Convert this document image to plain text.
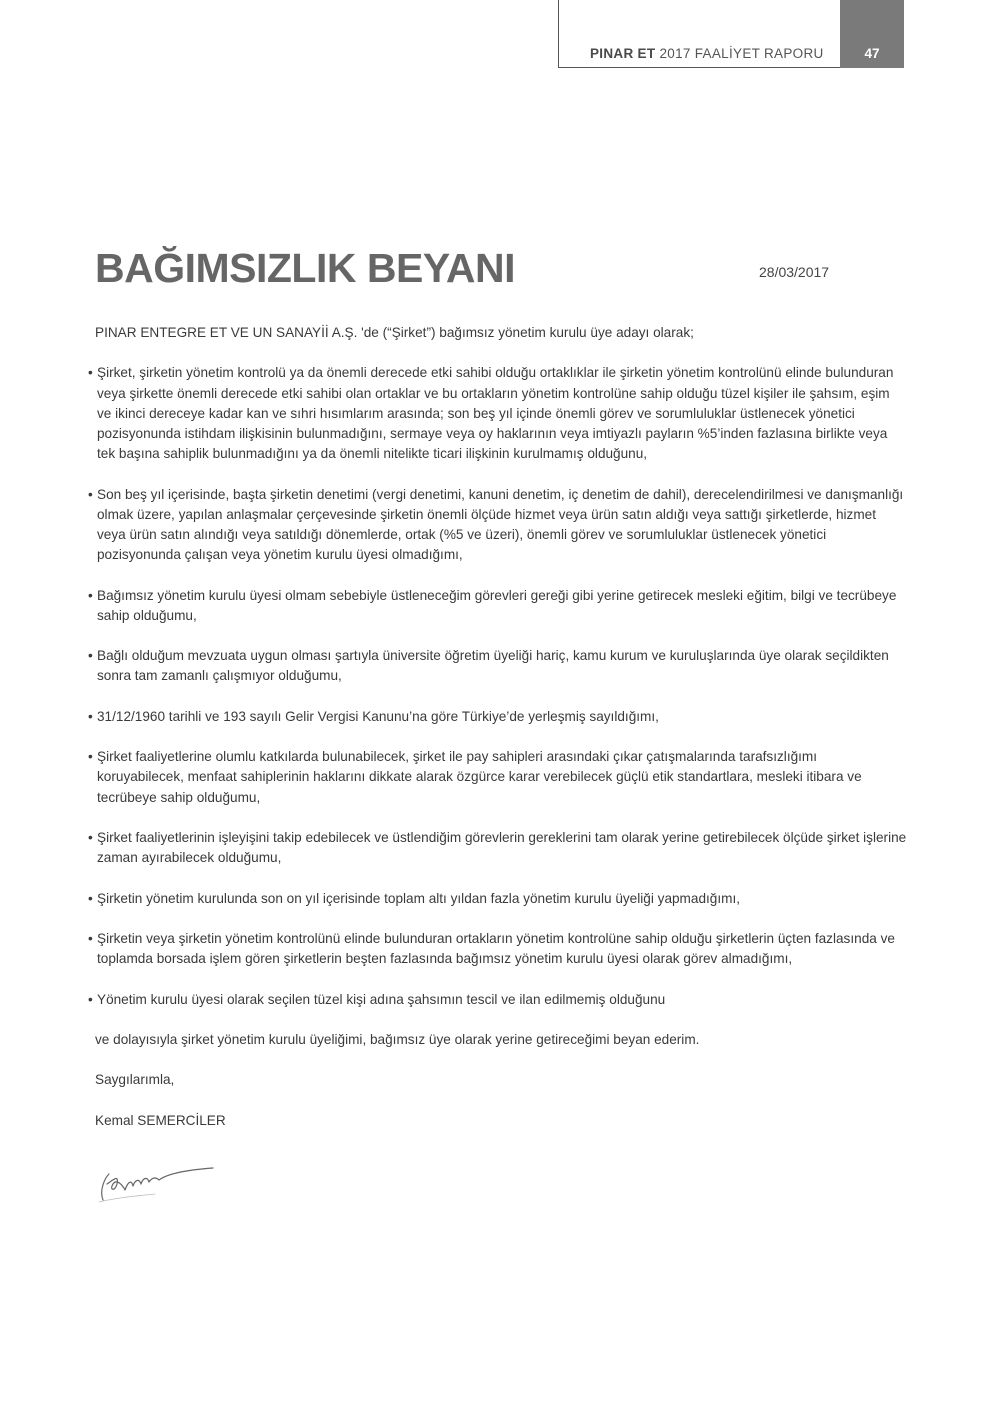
PINAR ET 2017 FAALİYET RAPORU	47
BAĞIMSIZLIK BEYANI	28/03/2017

PINAR ENTEGRE ET VE UN SANAYİİ A.Ş. 'de (“Şirket”) bağımsız yönetim kurulu üye adayı olarak;

• Şirket, şirketin yönetim kontrolü ya da önemli derecede etki sahibi olduğu ortaklıklar ile şirketin yönetim kontrolünü elinde bulunduran veya şirkette önemli derecede etki sahibi olan ortaklar ve bu ortakların yönetim kontrolüne sahip olduğu tüzel kişiler ile şahsım, eşim ve ikinci dereceye kadar kan ve sıhri hısımlarım arasında; son beş yıl içinde önemli görev ve sorumluluklar üstlenecek yönetici pozisyonunda istihdam ilişkisinin bulunmadığını, sermaye veya oy haklarının veya imtiyazlı payların %5’inden fazlasına birlikte veya tek başına sahiplik bulunmadığını ya da önemli nitelikte ticari ilişkinin kurulmamış olduğunu,

• Son beş yıl içerisinde, başta şirketin denetimi (vergi denetimi, kanuni denetim, iç denetim de dahil), derecelendirilmesi ve danışmanlığı olmak üzere, yapılan anlaşmalar çerçevesinde şirketin önemli ölçüde hizmet veya ürün satın aldığı veya sattığı şirketlerde, hizmet veya ürün satın alındığı veya satıldığı dönemlerde, ortak (%5 ve üzeri), önemli görev ve sorumluluklar üstlenecek yönetici pozisyonunda çalışan veya yönetim kurulu üyesi olmadığımı,

• Bağımsız yönetim kurulu üyesi olmam sebebiyle üstleneceğim görevleri gereği gibi yerine getirecek mesleki eğitim, bilgi ve tecrübeye sahip olduğumu,

• Bağlı olduğum mevzuata uygun olması şartıyla üniversite öğretim üyeliği hariç, kamu kurum ve kuruluşlarında üye olarak seçildikten sonra tam zamanlı çalışmıyor olduğumu,

• 31/12/1960 tarihli ve 193 sayılı Gelir Vergisi Kanunu’na göre Türkiye’de yerleşmiş sayıldığımı,

• Şirket faaliyetlerine olumlu katkılarda bulunabilecek, şirket ile pay sahipleri arasındaki çıkar çatışmalarında tarafsızlığımı koruyabilecek, menfaat sahiplerinin haklarını dikkate alarak özgürce karar verebilecek güçlü etik standartlara, mesleki itibara ve tecrübeye sahip olduğumu,

• Şirket faaliyetlerinin işleyişini takip edebilecek ve üstlendiğim görevlerin gereklerini tam olarak yerine getirebilecek ölçüde şirket işlerine zaman ayırabilecek olduğumu,

• Şirketin yönetim kurulunda son on yıl içerisinde toplam altı yıldan fazla yönetim kurulu üyeliği yapmadığımı,

• Şirketin veya şirketin yönetim kontrolünü elinde bulunduran ortakların yönetim kontrolüne sahip olduğu şirketlerin üçten fazlasında ve toplamda borsada işlem gören şirketlerin beşten fazlasında bağımsız yönetim kurulu üyesi olarak görev almadığımı,

• Yönetim kurulu üyesi olarak seçilen tüzel kişi adına şahsımın tescil ve ilan edilmemiş olduğunu

ve dolayısıyla şirket yönetim kurulu üyeliğimi, bağımsız üye olarak yerine getireceğimi beyan ederim.

Saygılarımla,

Kemal SEMERCİLER
